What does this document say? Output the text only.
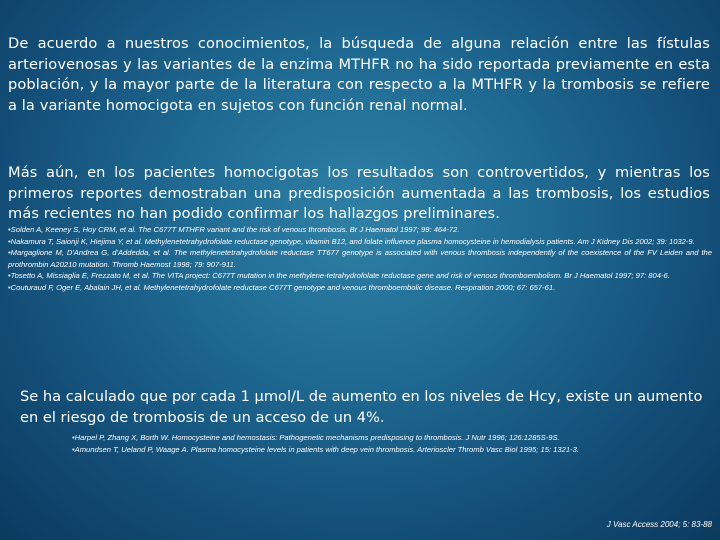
De acuerdo a nuestros conocimientos, la búsqueda de alguna relación entre las fístulas arteriovenosas y las variantes de la enzima MTHFR no ha sido reportada previamente en esta población, y la mayor parte de la literatura con respecto a la MTHFR y la trombosis se refiere a la variante homocigota en sujetos con función renal normal.
Más aún, en los pacientes homocigotas los resultados son controvertidos, y mientras los primeros reportes demostraban una predisposición aumentada a las trombosis, los estudios más recientes no han podido confirmar los hallazgos preliminares.
•Solden A, Keeney S, Hoy CRM, et al. The C677T MTHFR variant and the risk of venous thrombosis. Br J Haematol 1997; 99: 464-72.
•Nakamura T, Saionji K, Hiejima Y, et al. Methylenetetrahydrofolate reductase genotype, vitamin B12, and folate influence plasma homocysteine in hemodialysis patients. Am J Kidney Dis 2002; 39: 1032-9.
•Margaglione M, D'Andrea G, d'Addedda, et al. The methylenetetrahydrofolate reductase TT677 genotype is associated with venous thrombosis independently of the coexistence of the FV Leiden and the prothrombin A20210 mutation. Thromb Haemost 1998; 79: 907-911.
•Tosetto A, Missiaglia E, Frezzato M, et al. The VITA project: C677T mutation in the methylene-tetrahydrofolate reductase gene and risk of venous thromboembolism. Br J Haematol 1997; 97: 804-6.
•Couturaud F, Oger E, Abalain JH, et al. Methylenetetrahydrofolate reductase C677T genotype and venous thromboembolic disease. Respiration 2000; 67: 657-61.
Se ha calculado que por cada 1 μmol/L de aumento en los niveles de Hcy, existe un aumento en el riesgo de trombosis de un acceso de un 4%.
•Harpel P, Zhang X, Borth W. Homocysteine and hemostasis: Pathogenetic mechanisms predisposing to thrombosis. J Nutr 1996; 126:1285S-9S.
•Amundsen T, Ueland P, Waage A. Plasma homocysteine levels in patients with deep vein thrombosis. Arterioscler Thromb Vasc Biol 1995; 15: 1321-3.
J Vasc Access 2004; 5: 83-88
